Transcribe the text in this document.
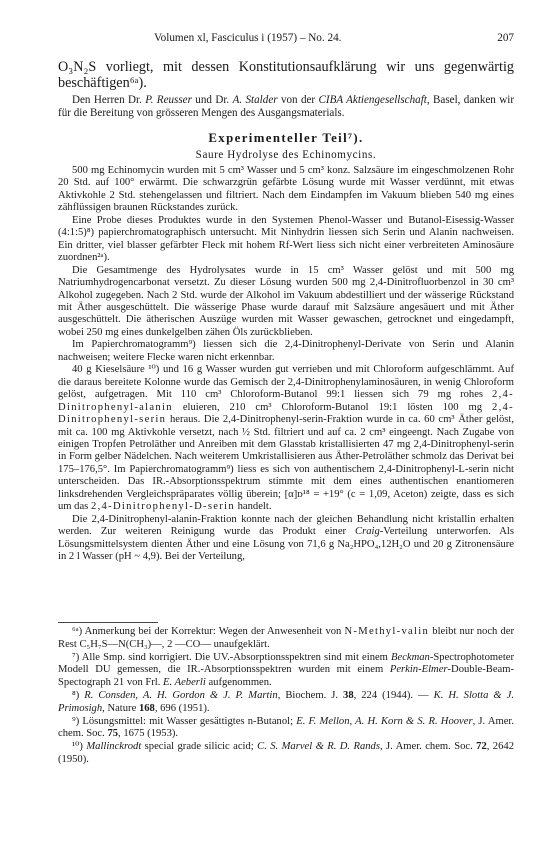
Volumen xl, Fasciculus i (1957) – No. 24.	207
O₃N₂S vorliegt, mit dessen Konstitutionsaufklärung wir uns gegenwärtig beschäftigen⁶ᵃ).
Den Herren Dr. P. Reusser und Dr. A. Stalder von der CIBA Aktiengesellschaft, Basel, danken wir für die Bereitung von grösseren Mengen des Ausgangsmaterials.
Experimenteller Teil⁷).
Saure Hydrolyse des Echinomycins.

500 mg Echinomycin wurden mit 5 cm³ Wasser und 5 cm³ konz. Salzsäure im eingeschmolzenen Rohr 20 Std. auf 100° erwärmt. Die schwarzgrün gefärbte Lösung wurde mit Wasser verdünnt, mit etwas Aktivkohle 2 Std. stehengelassen und filtriert. Nach dem Eindampfen im Vakuum blieben 540 mg eines zähflüssigen braunen Rückstandes zurück.

Eine Probe dieses Produktes wurde in den Systemen Phenol-Wasser und Butanol-Eisessig-Wasser (4:1:5)⁸) papierchromatographisch untersucht. Mit Ninhydrin liessen sich Serin und Alanin nachweisen. Ein dritter, viel blasser gefärbter Fleck mit hohem Rf-Wert liess sich nicht einer verbreiteten Aminosäure zuordnen²ᵃ).

Die Gesamtmenge des Hydrolysates wurde in 15 cm³ Wasser gelöst und mit 500 mg Natriumhydrogencarbonat versetzt. Zu dieser Lösung wurden 500 mg 2,4-Dinitrofluorbenzol in 30 cm³ Alkohol zugegeben. Nach 2 Std. wurde der Alkohol im Vakuum abdestilliert und der wässerige Rückstand mit Äther ausgeschüttelt. Die wässerige Phase wurde darauf mit Salzsäure angesäuert und mit Äther ausgeschüttelt. Die ätherischen Auszüge wurden mit Wasser gewaschen, getrocknet und eingedampft, wobei 250 mg eines dunkelgelben zähen Öls zurückblieben.

Im Papierchromatogramm⁹) liessen sich die 2,4-Dinitrophenyl-Derivate von Serin und Alanin nachweisen; weitere Flecke waren nicht erkennbar.

40 g Kieselsäure ¹⁰) und 16 g Wasser wurden gut verrieben und mit Chloroform aufgeschlämmt. Auf die daraus bereitete Kolonne wurde das Gemisch der 2,4-Dinitrophenylaminosäuren, in wenig Chloroform gelöst, aufgetragen. Mit 110 cm³ Chloroform-Butanol 99:1 liessen sich 79 mg rohes 2,4-Dinitrophenyl-alanin eluieren, 210 cm³ Chloroform-Butanol 19:1 lösten 100 mg 2,4-Dinitrophenyl-serin heraus. Die 2,4-Dinitrophenyl-serin-Fraktion wurde in ca. 60 cm³ Äther gelöst, mit ca. 100 mg Aktivkohle versetzt, nach ½ Std. filtriert und auf ca. 2 cm³ eingeengt. Nach Zugabe von einigen Tropfen Petroläther und Anreiben mit dem Glasstab kristallisierten 47 mg 2,4-Dinitrophenyl-serin in Form gelber Nädelchen. Nach weiterem Umkristallisieren aus Äther-Petroläther schmolz das Derivat bei 175–176,5°. Im Papierchromatogramm⁹) liess es sich von authentischem 2,4-Dinitrophenyl-L-serin nicht unterscheiden. Das IR.-Absorptionsspektrum stimmte mit dem eines authentischen enantiomeren linksdrehenden Vergleichspräparates völlig überein; [α]ᴅ¹⁸ = +19° (c = 1,09, Aceton) zeigte, dass es sich um das 2,4-Dinitrophenyl-D-serin handelt.

Die 2,4-Dinitrophenyl-alanin-Fraktion konnte nach der gleichen Behandlung nicht kristallin erhalten werden. Zur weiteren Reinigung wurde das Produkt einer Craig-Verteilung unterworfen. Als Lösungsmittelsystem dienten Äther und eine Lösung von 71,6 g Na₂HPO₄,12H₂O und 20 g Zitronensäure in 2 l Wasser (pH ~ 4,9). Bei der Verteilung,

⁶ᵃ) Anmerkung bei der Korrektur: Wegen der Anwesenheit von N-Methyl-valin bleibt nur noch der Rest C₅H₇S—N(CH₃)—, 2 —CO— unaufgeklärt.

⁷) Alle Smp. sind korrigiert. Die UV.-Absorptionsspektren sind mit einem Beckman-Spectrophotometer Modell DU gemessen, die IR.-Absorptionsspektren wurden mit einem Perkin-Elmer-Double-Beam-Spectograph 21 von Frl. E. Aeberli aufgenommen.

⁸) R. Consden, A. H. Gordon & J. P. Martin, Biochem. J. 38, 224 (1944). — K. H. Slotta & J. Primosigh, Nature 168, 696 (1951).

⁹) Lösungsmittel: mit Wasser gesättigtes n-Butanol; E. F. Mellon, A. H. Korn & S. R. Hoover, J. Amer. chem. Soc. 75, 1675 (1953).

¹⁰) Mallinckrodt special grade silicic acid; C. S. Marvel & R. D. Rands, J. Amer. chem. Soc. 72, 2642 (1950).
